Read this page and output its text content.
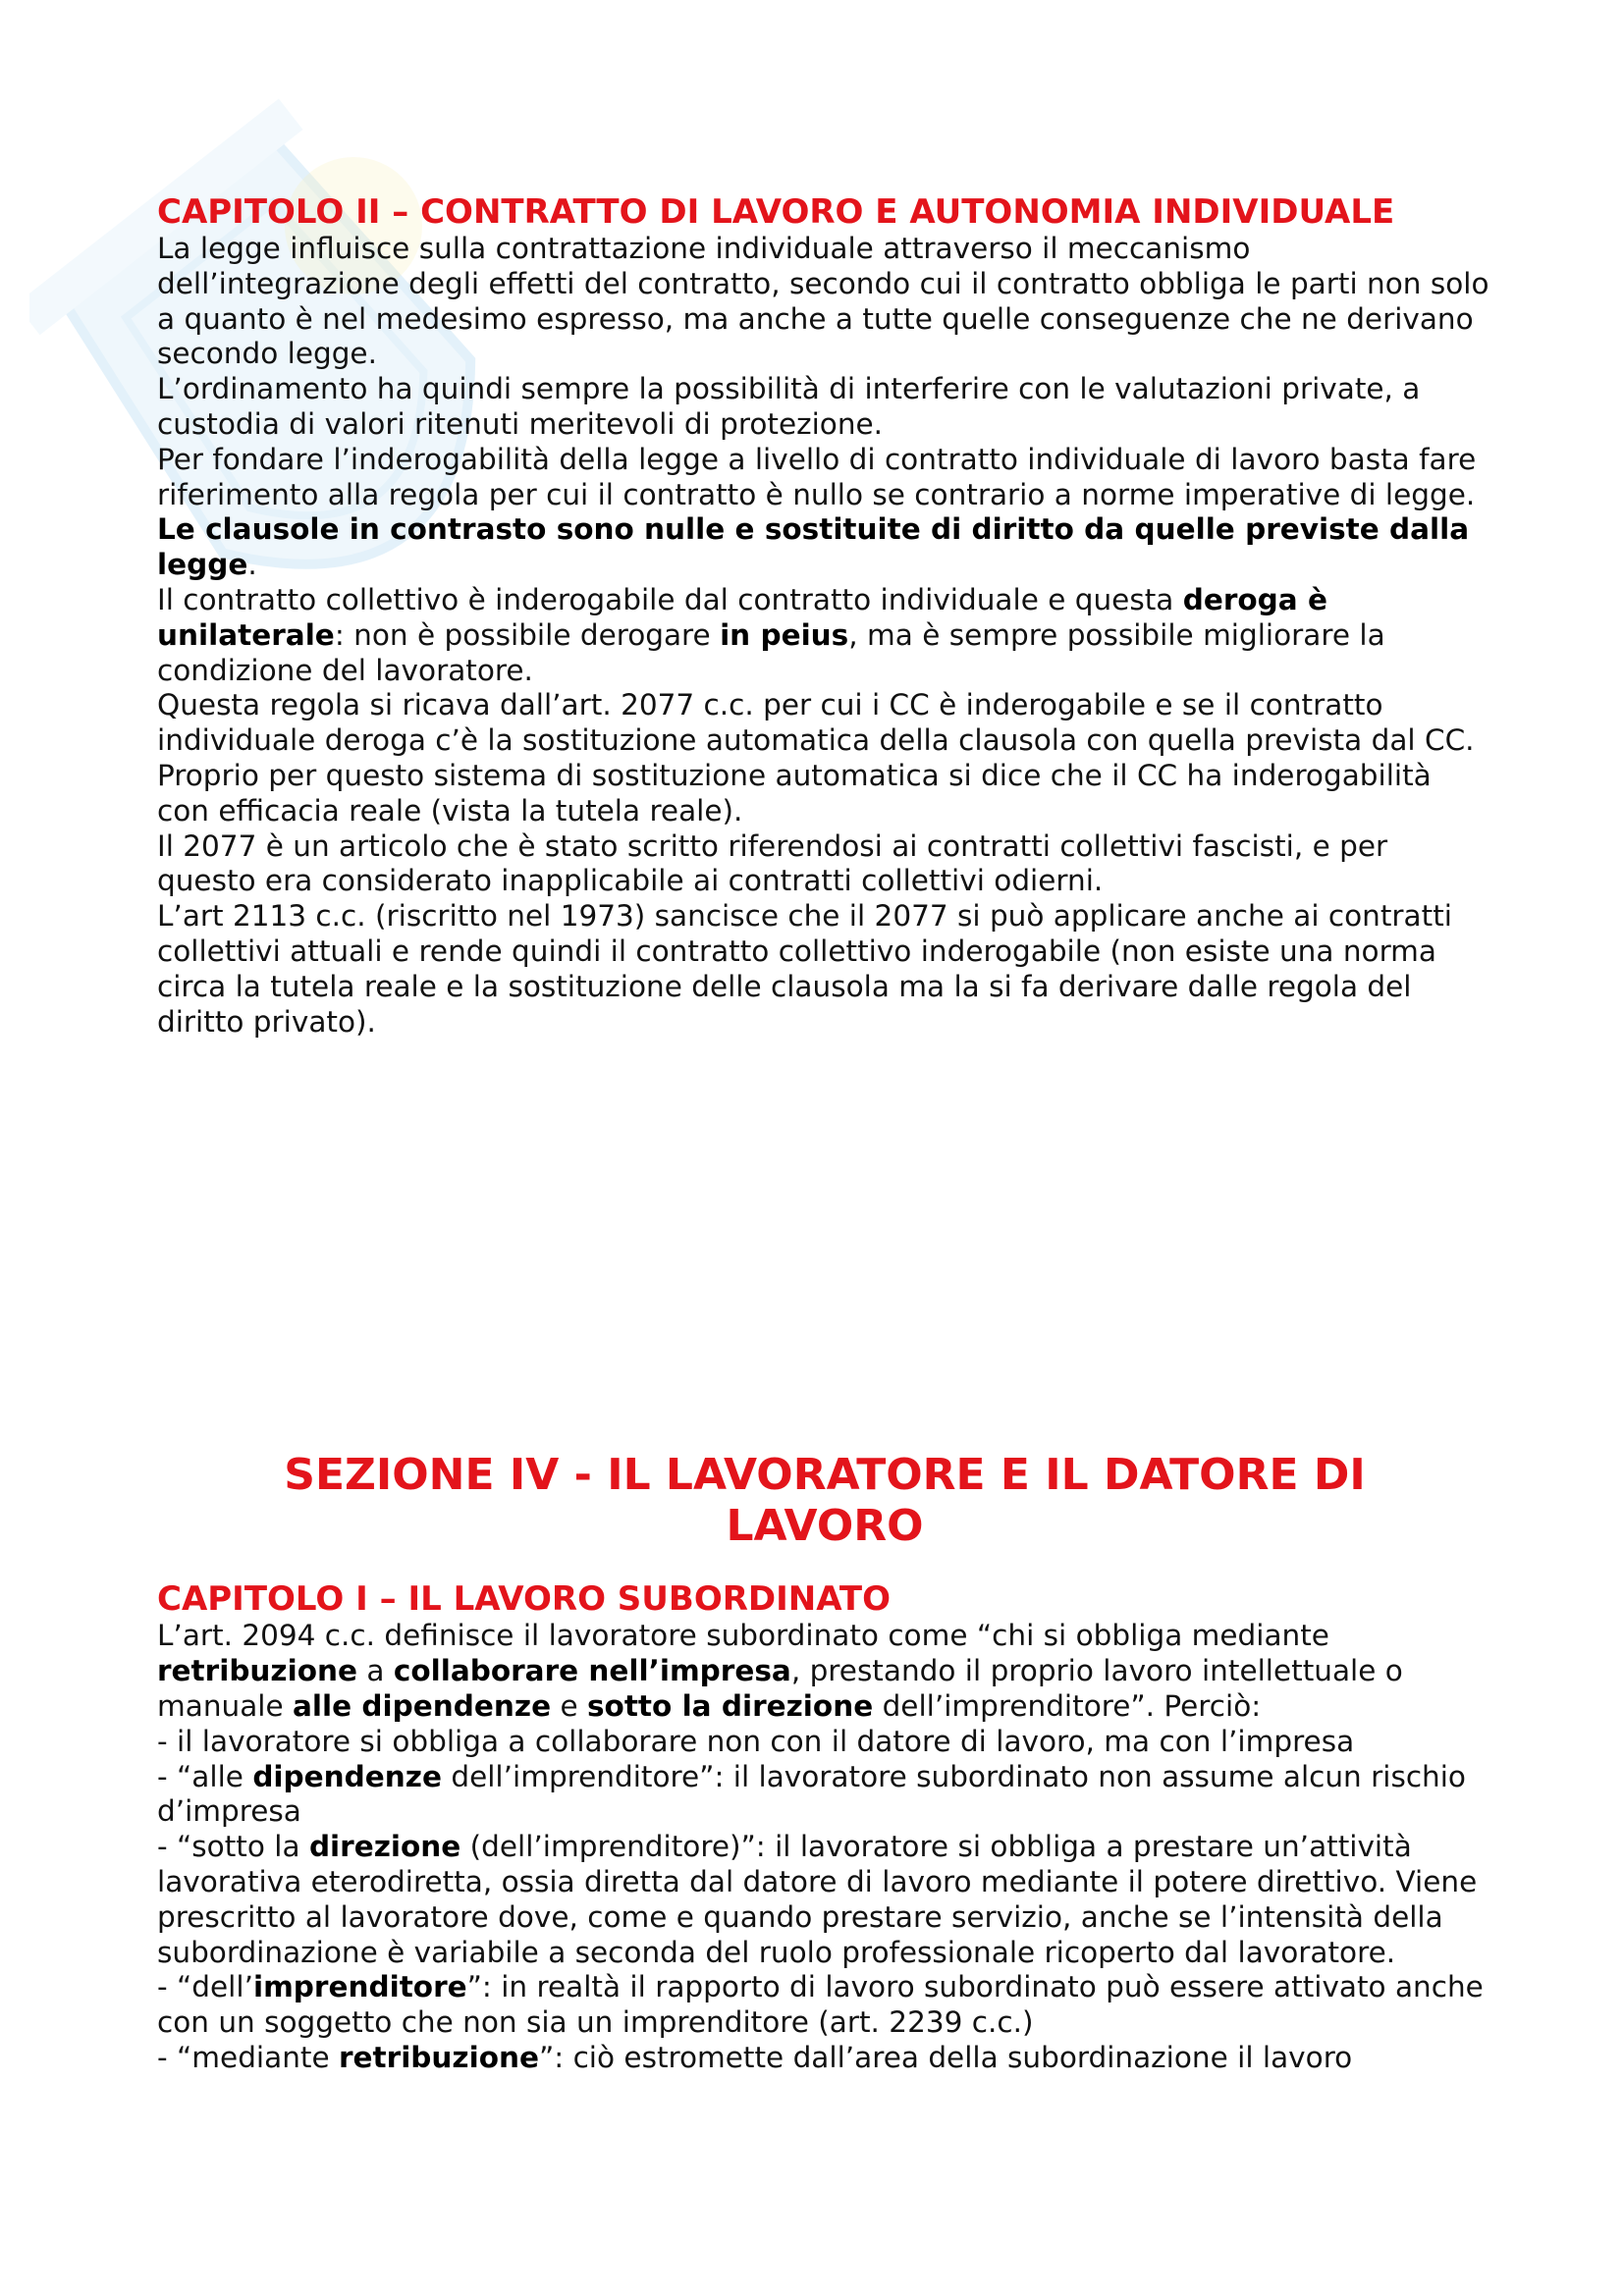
CAPITOLO II – CONTRATTO DI LAVORO E AUTONOMIA INDIVIDUALE

La legge influisce sulla contrattazione individuale attraverso il meccanismo dell’integrazione degli effetti del contratto, secondo cui il contratto obbliga le parti non solo a quanto è nel medesimo espresso, ma anche a tutte quelle conseguenze che ne derivano secondo legge.

L’ordinamento ha quindi sempre la possibilità di interferire con le valutazioni private, a custodia di valori ritenuti meritevoli di protezione.

Per fondare l’inderogabilità della legge a livello di contratto individuale di lavoro basta fare riferimento alla regola per cui il contratto è nullo se contrario a norme imperative di legge. Le clausole in contrasto sono nulle e sostituite di diritto da quelle previste dalla legge.

Il contratto collettivo è inderogabile dal contratto individuale e questa deroga è unilaterale: non è possibile derogare in peius, ma è sempre possibile migliorare la condizione del lavoratore.

Questa regola si ricava dall’art. 2077 c.c. per cui i CC è inderogabile e se il contratto individuale deroga c’è la sostituzione automatica della clausola con quella prevista dal CC. Proprio per questo sistema di sostituzione automatica si dice che il CC ha inderogabilità con efficacia reale (vista la tutela reale).

Il 2077 è un articolo che è stato scritto riferendosi ai contratti collettivi fascisti, e per questo era considerato inapplicabile ai contratti collettivi odierni.

L’art 2113 c.c. (riscritto nel 1973) sancisce che il 2077 si può applicare anche ai contratti collettivi attuali e rende quindi il contratto collettivo inderogabile (non esiste una norma circa la tutela reale e la sostituzione delle clausola ma la si fa derivare dalle regola del diritto privato).

SEZIONE IV - IL LAVORATORE E IL DATORE DI LAVORO
CAPITOLO I – IL LAVORO SUBORDINATO

L’art. 2094 c.c. definisce il lavoratore subordinato come “chi si obbliga mediante retribuzione a collaborare nell’impresa, prestando il proprio lavoro intellettuale o manuale alle dipendenze e sotto la direzione dell’imprenditore”. Perciò:

- il lavoratore si obbliga a collaborare non con il datore di lavoro, ma con l’impresa

- “alle dipendenze dell’imprenditore”: il lavoratore subordinato non assume alcun rischio d’impresa

- “sotto la direzione (dell’imprenditore)”: il lavoratore si obbliga a prestare un’attività lavorativa eterodiretta, ossia diretta dal datore di lavoro mediante il potere direttivo. Viene prescritto al lavoratore dove, come e quando prestare servizio, anche se l’intensità della subordinazione è variabile a seconda del ruolo professionale ricoperto dal lavoratore.

- “dell’imprenditore”: in realtà il rapporto di lavoro subordinato può essere attivato anche con un soggetto che non sia un imprenditore (art. 2239 c.c.)

- “mediante retribuzione”: ciò estromette dall’area della subordinazione il lavoro
